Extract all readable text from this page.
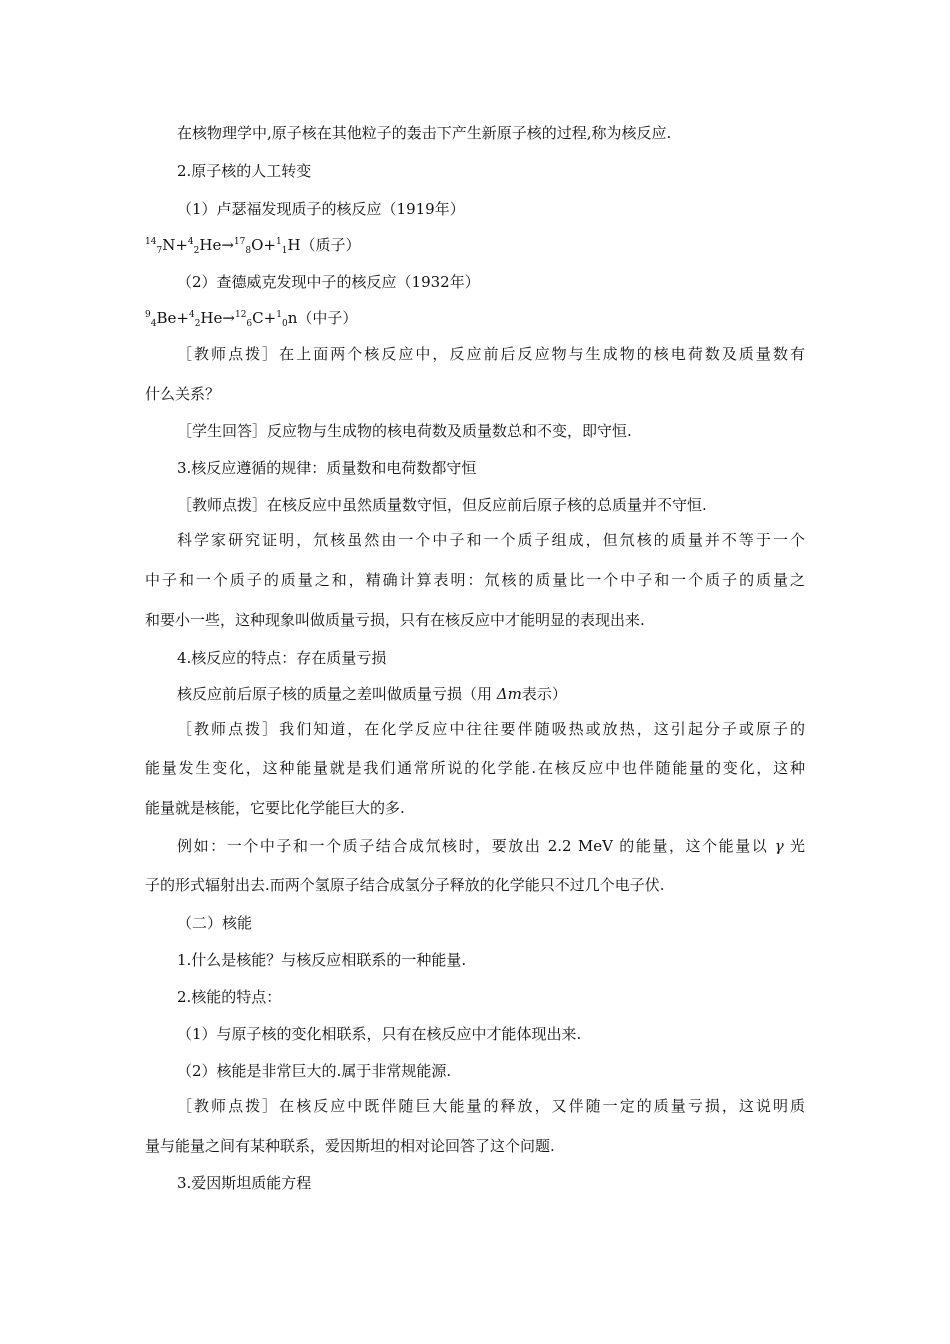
在核物理学中,原子核在其他粒子的轰击下产生新原子核的过程,称为核反应.
2.原子核的人工转变
（1）卢瑟福发现质子的核反应（1919年）
$^{14}_7$N+$^4_2$He→$^{17}_8$O+$^1_1$H（质子）
（2）查德威克发现中子的核反应（1932年）
$^9_4$Be+$^4_2$He→$^{12}_6$C+$^1_0$n（中子）
［教师点拨］在上面两个核反应中，反应前后反应物与生成物的核电荷数及质量数有
什么关系？
［学生回答］反应物与生成物的核电荷数及质量数总和不变，即守恒.
3.核反应遵循的规律：质量数和电荷数都守恒
［教师点拨］在核反应中虽然质量数守恒，但反应前后原子核的总质量并不守恒.
科学家研究证明，氘核虽然由一个中子和一个质子组成，但氘核的质量并不等于一个
中子和一个质子的质量之和，精确计算表明：氘核的质量比一个中子和一个质子的质量之
和要小一些，这种现象叫做质量亏损，只有在核反应中才能明显的表现出来.
4.核反应的特点：存在质量亏损
核反应前后原子核的质量之差叫做质量亏损（用 Δm表示）
［教师点拨］我们知道，在化学反应中往往要伴随吸热或放热，这引起分子或原子的
能量发生变化，这种能量就是我们通常所说的化学能.在核反应中也伴随能量的变化，这种
能量就是核能，它要比化学能巨大的多.
例如：一个中子和一个质子结合成氘核时，要放出 2.2 MeV 的能量，这个能量以 γ 光
子的形式辐射出去.而两个氢原子结合成氢分子释放的化学能只不过几个电子伏.
（二）核能
1.什么是核能？与核反应相联系的一种能量.
2.核能的特点：
（1）与原子核的变化相联系，只有在核反应中才能体现出来.
（2）核能是非常巨大的.属于非常规能源.
［教师点拨］在核反应中既伴随巨大能量的释放，又伴随一定的质量亏损，这说明质
量与能量之间有某种联系，爱因斯坦的相对论回答了这个问题.
3.爱因斯坦质能方程
